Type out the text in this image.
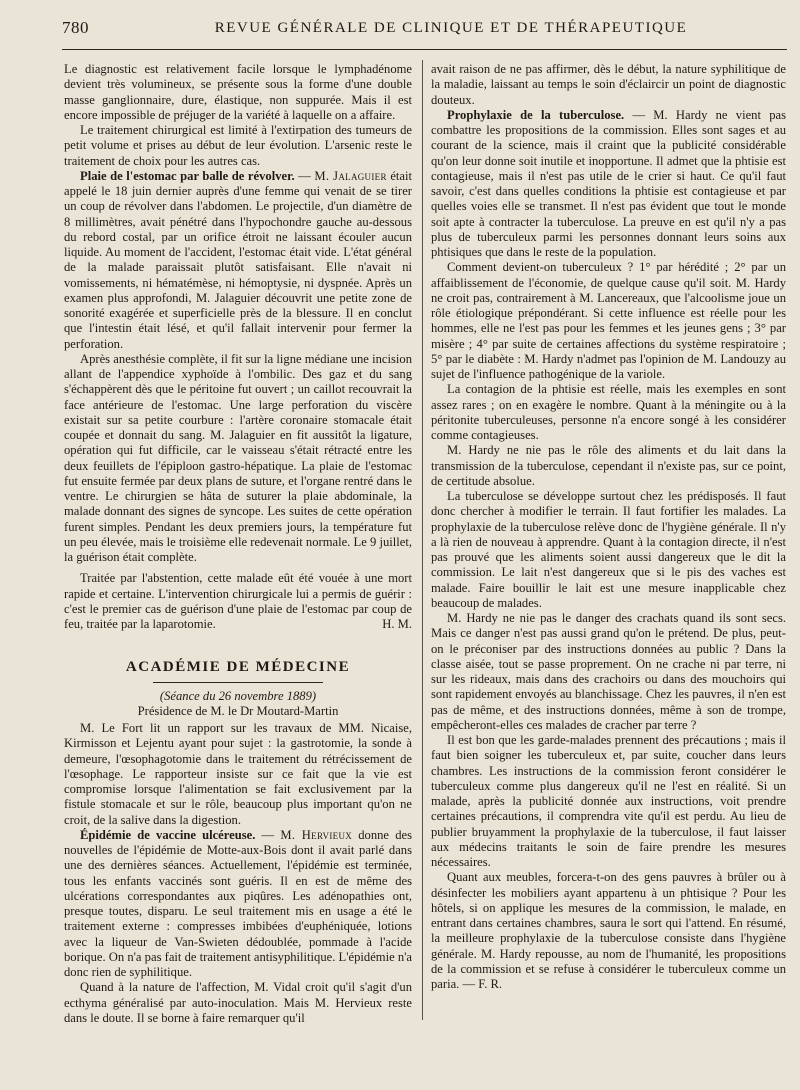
780	REVUE GÉNÉRALE DE CLINIQUE ET DE THÉRAPEUTIQUE

Le diagnostic est relativement facile lorsque le lymphadénome devient très volumineux, se présente sous la forme d'une double masse ganglionnaire, dure, élastique, non suppurée. Mais il est encore impossible de préjuger de la variété à laquelle on a affaire.

Le traitement chirurgical est limité à l'extirpation des tumeurs de petit volume et prises au début de leur évolution. L'arsenic reste le traitement de choix pour les autres cas.

Plaie de l'estomac par balle de révolver. — M. Jalaguier était appelé le 18 juin dernier auprès d'une femme qui venait de se tirer un coup de révolver dans l'abdomen. Le projectile, d'un diamètre de 8 millimètres, avait pénétré dans l'hypochondre gauche au-dessous du rebord costal, par un orifice étroit ne laissant écouler aucun liquide. Au moment de l'accident, l'estomac était vide. L'état général de la malade paraissait plutôt satisfaisant. Elle n'avait ni vomissements, ni hématémèse, ni hémoptysie, ni dyspnée. Après un examen plus approfondi, M. Jalaguier découvrit une petite zone de sonorité exagérée et superficielle près de la blessure. Il en conclut que l'intestin était lésé, et qu'il fallait intervenir pour fermer la perforation.

Après anesthésie complète, il fit sur la ligne médiane une incision allant de l'appendice xyphoïde à l'ombilic. Des gaz et du sang s'échappèrent dès que le péritoine fut ouvert ; un caillot recouvrait la face antérieure de l'estomac. Une large perforation du viscère existait sur sa petite courbure : l'artère coronaire stomacale était coupée et donnait du sang. M. Jalaguier en fit aussitôt la ligature, opération qui fut difficile, car le vaisseau s'était rétracté entre les deux feuillets de l'épiploon gastro-hépatique. La plaie de l'estomac fut ensuite fermée par deux plans de suture, et l'organe rentré dans le ventre. Le chirurgien se hâta de suturer la plaie abdominale, la malade donnant des signes de syncope. Les suites de cette opération furent simples. Pendant les deux premiers jours, la température fut un peu élevée, mais le troisième elle redevenait normale. Le 9 juillet, la guérison était complète.

Traitée par l'abstention, cette malade eût été vouée à une mort rapide et certaine. L'intervention chirurgicale lui a permis de guérir : c'est le premier cas de guérison d'une plaie de l'estomac par coup de feu, traitée par la laparotomie.	H. M.

ACADÉMIE DE MÉDECINE

(Séance du 26 novembre 1889)

Présidence de M. le Dr Moutard-Martin

M. Le Fort lit un rapport sur les travaux de MM. Nicaise, Kirmisson et Lejentu ayant pour sujet : la gastrotomie, la sonde à demeure, l'œsophagotomie dans le traitement du rétrécissement de l'œsophage. Le rapporteur insiste sur ce fait que la vie est compromise lorsque l'alimentation se fait exclusivement par la fistule stomacale et sur le rôle, beaucoup plus important qu'on ne croit, de la salive dans la digestion.

Épidémie de vaccine ulcéreuse. — M. Hervieux donne des nouvelles de l'épidémie de Motte-aux-Bois dont il avait parlé dans une des dernières séances. Actuellement, l'épidémie est terminée, tous les enfants vaccinés sont guéris. Il en est de même des ulcérations correspondantes aux piqûres. Les adénopathies ont, presque toutes, disparu. Le seul traitement mis en usage a été le traitement externe : compresses imbibées d'euphéniquée, lotions avec la liqueur de Van-Swieten dédoublée, pommade à l'acide borique. On n'a pas fait de traitement antisyphilitique. L'épidémie n'a donc rien de syphilitique.

Quand à la nature de l'affection, M. Vidal croit qu'il s'agit d'un ecthyma généralisé par auto-inoculation. Mais M. Hervieux reste dans le doute. Il se borne à faire remarquer qu'il

avait raison de ne pas affirmer, dès le début, la nature syphilitique de la maladie, laissant au temps le soin d'éclaircir un point de diagnostic douteux.

Prophylaxie de la tuberculose. — M. Hardy ne vient pas combattre les propositions de la commission. Elles sont sages et au courant de la science, mais il craint que la publicité considérable qu'on leur donne soit inutile et inopportune. Il admet que la phtisie est contagieuse, mais il n'est pas utile de le crier si haut. Ce qu'il faut savoir, c'est dans quelles conditions la phtisie est contagieuse et par quelles voies elle se transmet. Il n'est pas évident que tout le monde soit apte à contracter la tuberculose. La preuve en est qu'il n'y a pas plus de tuberculeux parmi les personnes donnant leurs soins aux phtisiques que dans le reste de la population.

Comment devient-on tuberculeux ? 1° par hérédité ; 2° par un affaiblissement de l'économie, de quelque cause qu'il soit. M. Hardy ne croit pas, contrairement à M. Lancereaux, que l'alcoolisme joue un rôle étiologique prépondérant. Si cette influence est réelle pour les hommes, elle ne l'est pas pour les femmes et les jeunes gens ; 3° par misère ; 4° par suite de certaines affections du système respiratoire ; 5° par le diabète : M. Hardy n'admet pas l'opinion de M. Landouzy au sujet de l'influence pathogénique de la variole.

La contagion de la phtisie est réelle, mais les exemples en sont assez rares ; on en exagère le nombre. Quant à la méningite ou à la péritonite tuberculeuses, personne n'a encore songé à les considérer comme contagieuses.

M. Hardy ne nie pas le rôle des aliments et du lait dans la transmission de la tuberculose, cependant il n'existe pas, sur ce point, de certitude absolue.

La tuberculose se développe surtout chez les prédisposés. Il faut donc chercher à modifier le terrain. Il faut fortifier les malades. La prophylaxie de la tuberculose relève donc de l'hygiène générale. Il n'y a là rien de nouveau à apprendre. Quant à la contagion directe, il n'est pas prouvé que les aliments soient aussi dangereux que le dit la commission. Le lait n'est dangereux que si le pis des vaches est malade. Faire bouillir le lait est une mesure inapplicable chez beaucoup de malades.

M. Hardy ne nie pas le danger des crachats quand ils sont secs. Mais ce danger n'est pas aussi grand qu'on le prétend. De plus, peut-on le préconiser par des instructions données au public ? Dans la classe aisée, tout se passe proprement. On ne crache ni par terre, ni sur les rideaux, mais dans des crachoirs ou dans des mouchoirs qui sont rapidement envoyés au blanchissage. Chez les pauvres, il n'en est pas de même, et des instructions données, même à son de trompe, empêcheront-elles ces malades de cracher par terre ?

Il est bon que les garde-malades prennent des précautions ; mais il faut bien soigner les tuberculeux et, par suite, coucher dans leurs chambres. Les instructions de la commission feront considérer le tuberculeux comme plus dangereux qu'il ne l'est en réalité. Si un malade, après la publicité donnée aux instructions, voit prendre certaines précautions, il comprendra vite qu'il est perdu. Au lieu de publier bruyamment la prophylaxie de la tuberculose, il faut laisser aux médecins traitants le soin de faire prendre les mesures nécessaires.

Quant aux meubles, forcera-t-on des gens pauvres à brûler ou à désinfecter les mobiliers ayant appartenu à un phtisique ? Pour les hôtels, si on applique les mesures de la commission, le malade, en entrant dans certaines chambres, saura le sort qui l'attend. En résumé, la meilleure prophylaxie de la tuberculose consiste dans l'hygiène générale. M. Hardy repousse, au nom de l'humanité, les propositions de la commission et se refuse à considérer le tuberculeux comme un paria. — F. R.
